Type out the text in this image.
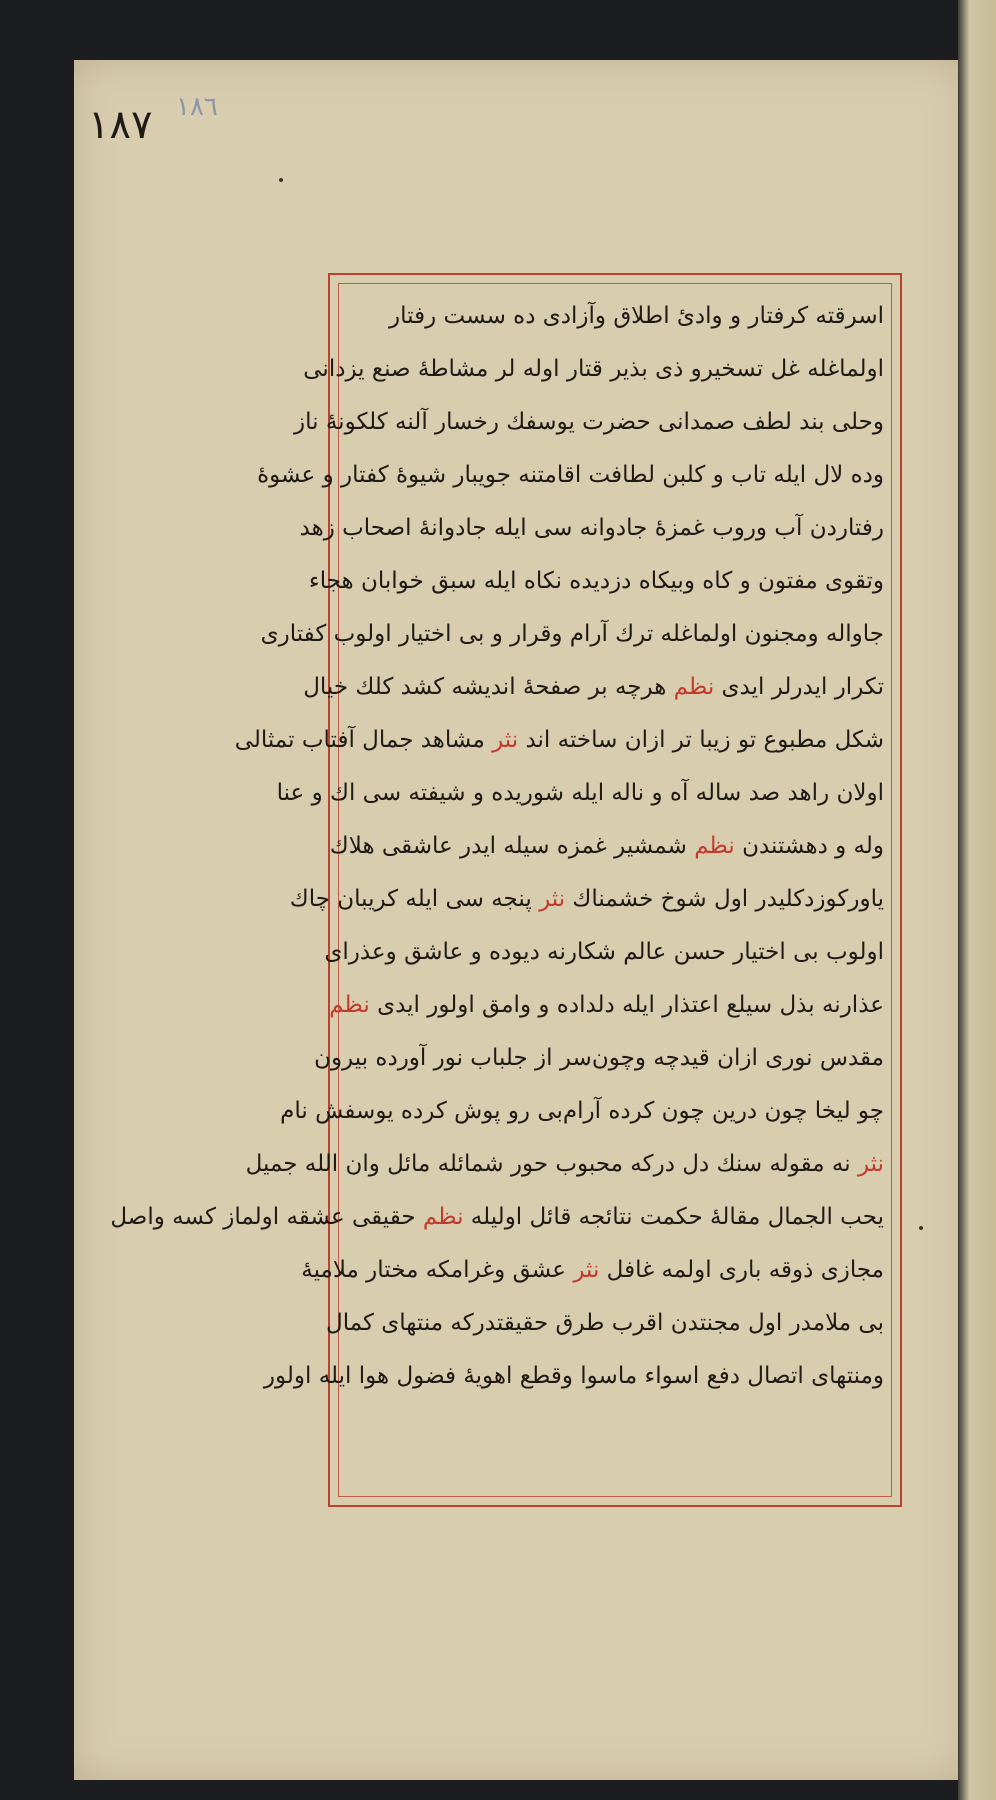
١٨٧ ١٨٦
اسرقته کرفتار و وادئ اطلاق وآزادی ده سست رفتار
اولماغله غل تسخیرو ذی بذیر قتار اوله لر مشاطهٔ صنع یزدانی
وحلی بند لطف صمدانی حضرت یوسفك رخسار آلنه کلکونهٔ ناز
وده لال ایله تاب و کلبن لطافت اقامتنه جویبار شیوهٔ کفتار و عشوهٔ
رفتاردن آب وروب غمزهٔ جادوانه سی ایله جادوانهٔ اصحاب زهد
وتقوی مفتون و کاه وبیکاه دزدیده نکاه ایله سبق خوابان هجاء
جاواله ومجنون اولماغله ترك آرام وقرار و بی اختیار اولوب کفتاری
تکرار ایدرلر ایدی نظم هرچه بر صفحهٔ اندیشه کشد کلك خیال
شکل مطبوع تو زیبا تر ازان ساخته اند نثر مشاهد جمال آفتاب تمثالی
اولان راهد صد ساله آه و ناله ایله شوریده و شیفته سی اك و عنا
وله و دهشتندن نظم شمشیر غمزه سیله ایدر عاشقی هلاك
یاورکوزدکلیدر اول شوخ خشمناك نثر پنجه سی ایله کریبان چاك
اولوب بی اختیار حسن عالم شکارنه دیوده و عاشق وعذرای
عذارنه بذل سیلع اعتذار ایله دلداده و وامق اولور ایدی نظم
مقدس نوری ازان قیدچه وچون
سر از جلباب نور آورده بیرون
چو لیخا چون درین چون کرده آرام
بی رو پوش کرده یوسفش نام
نثر نه مقوله سنك دل درکه محبوب حور شمائله مائل وان الله جمیل
یحب الجمال مقالهٔ حکمت نتائجه قائل اولیله نظم حقیقی عشقه اولماز کسه واصل
مجازی ذوقه باری اولمه غافل نثر عشق وغرامکه مختار ملامیهٔ
بی ملامدر اول مجنتدن اقرب طرق حقیقتدرکه منتهای کمال
ومنتهای اتصال دفع اسواء ماسوا وقطع اهویهٔ فضول هوا ایله اولور
